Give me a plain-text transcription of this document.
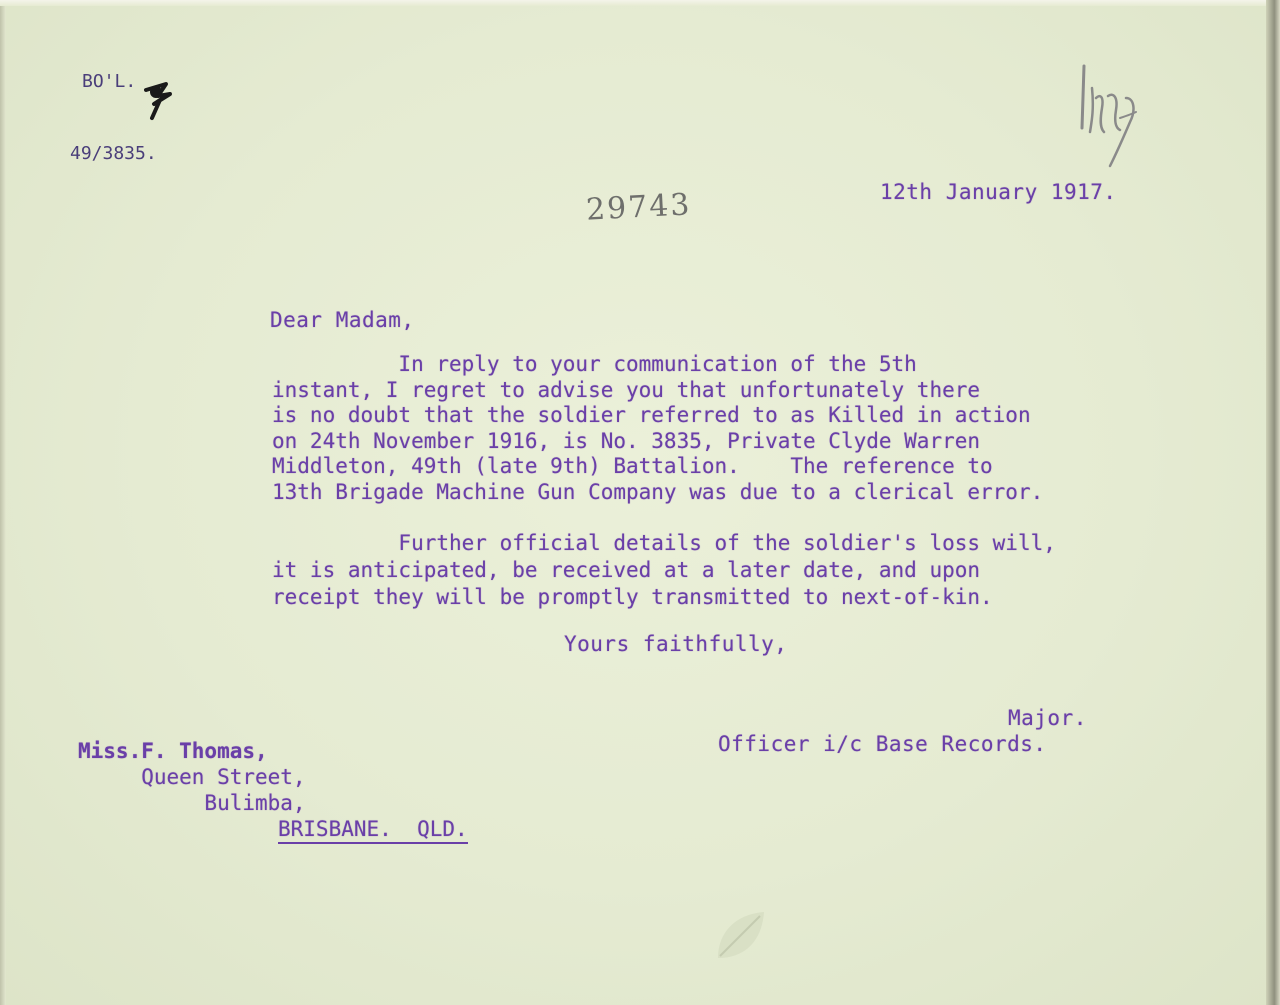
BO'L.

49/3835.

29743	12th January 1917.
Dear Madam,
In reply to your communication of the 5th
instant, I regret to advise you that unfortunately there
is no doubt that the soldier referred to as Killed in action
on 24th November 1916, is No. 3835, Private Clyde Warren
Middleton, 49th (late 9th) Battalion.    The reference to
13th Brigade Machine Gun Company was due to a clerical error.
Further official details of the soldier's loss will,
it is anticipated, be received at a later date, and upon
receipt they will be promptly transmitted to next-of-kin.
Yours faithfully,
Major.
Officer i/c Base Records.
Miss.F. Thomas,
Queen Street,
Bulimba,
BRISBANE.  QLD.
